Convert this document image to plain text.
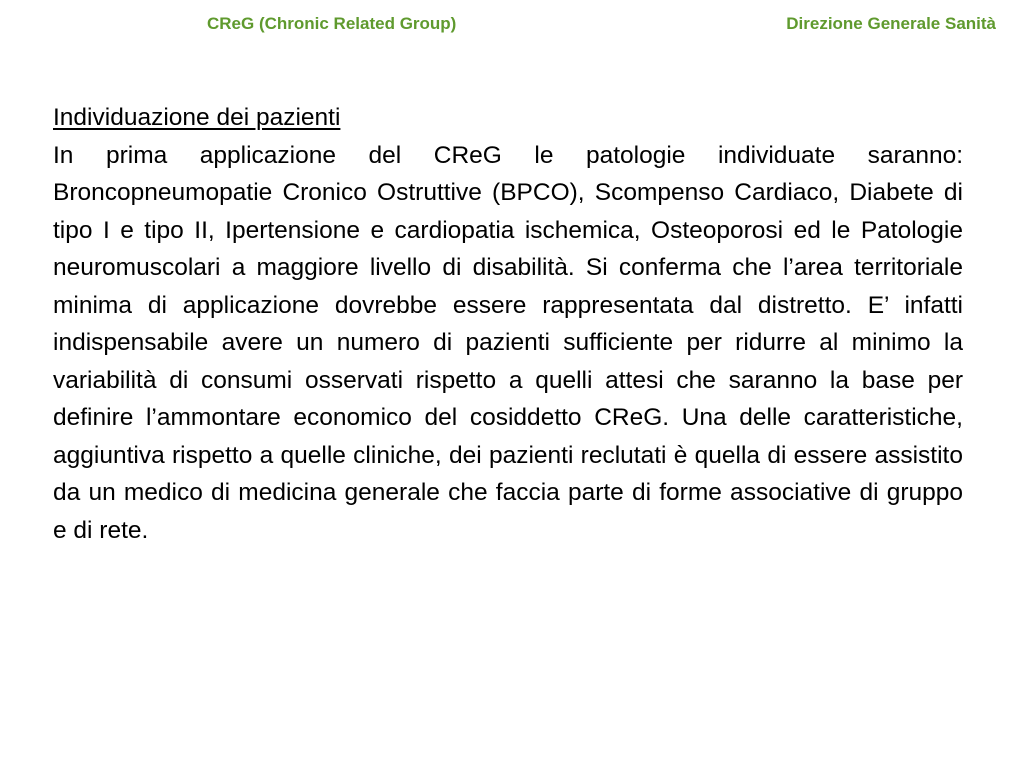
CReG (Chronic Related Group)	Direzione Generale Sanità
Individuazione dei pazienti

In prima applicazione del CReG le patologie individuate saranno: Broncopneumopatie Cronico Ostruttive (BPCO), Scompenso Cardiaco, Diabete di tipo I e tipo II, Ipertensione e cardiopatia ischemica, Osteoporosi ed le Patologie neuromuscolari a maggiore livello di disabilità. Si conferma che l’area territoriale minima di applicazione dovrebbe essere rappresentata dal distretto. E’ infatti indispensabile avere un numero di pazienti sufficiente per ridurre al minimo la variabilità di consumi osservati rispetto a quelli attesi che saranno la base per definire l’ammontare economico del cosiddetto CReG. Una delle caratteristiche, aggiuntiva rispetto a quelle cliniche, dei pazienti reclutati è quella di essere assistito da un medico di medicina generale che faccia parte di forme associative di gruppo e di rete.
